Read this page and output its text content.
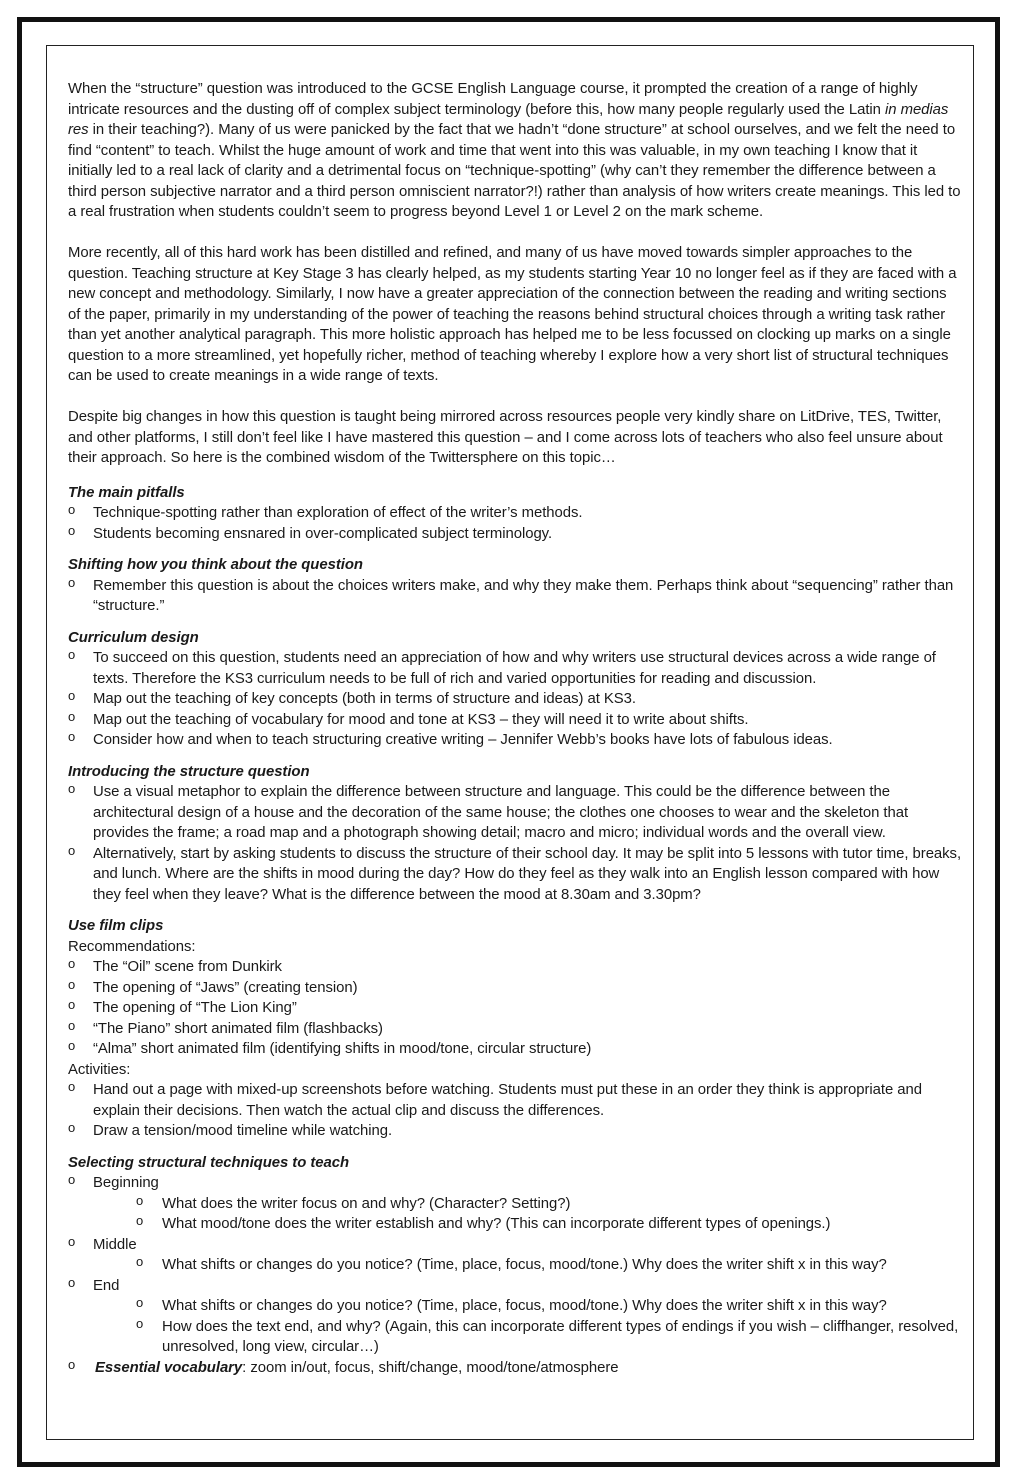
When the “structure” question was introduced to the GCSE English Language course, it prompted the creation of a range of highly intricate resources and the dusting off of complex subject terminology (before this, how many people regularly used the Latin in medias res in their teaching?). Many of us were panicked by the fact that we hadn’t “done structure” at school ourselves, and we felt the need to find “content” to teach. Whilst the huge amount of work and time that went into this was valuable, in my own teaching I know that it initially led to a real lack of clarity and a detrimental focus on “technique-spotting” (why can’t they remember the difference between a third person subjective narrator and a third person omniscient narrator?!) rather than analysis of how writers create meanings. This led to a real frustration when students couldn’t seem to progress beyond Level 1 or Level 2 on the mark scheme.

More recently, all of this hard work has been distilled and refined, and many of us have moved towards simpler approaches to the question. Teaching structure at Key Stage 3 has clearly helped, as my students starting Year 10 no longer feel as if they are faced with a new concept and methodology. Similarly, I now have a greater appreciation of the connection between the reading and writing sections of the paper, primarily in my understanding of the power of teaching the reasons behind structural choices through a writing task rather than yet another analytical paragraph. This more holistic approach has helped me to be less focussed on clocking up marks on a single question to a more streamlined, yet hopefully richer, method of teaching whereby I explore how a very short list of structural techniques can be used to create meanings in a wide range of texts.

Despite big changes in how this question is taught being mirrored across resources people very kindly share on LitDrive, TES, Twitter, and other platforms, I still don’t feel like I have mastered this question – and I come across lots of teachers who also feel unsure about their approach. So here is the combined wisdom of the Twittersphere on this topic…

The main pitfalls
o Technique-spotting rather than exploration of effect of the writer’s methods.
o Students becoming ensnared in over-complicated subject terminology.
Shifting how you think about the question
o Remember this question is about the choices writers make, and why they make them. Perhaps think about “sequencing” rather than “structure.”
Curriculum design
o To succeed on this question, students need an appreciation of how and why writers use structural devices across a wide range of texts. Therefore the KS3 curriculum needs to be full of rich and varied opportunities for reading and discussion.
o Map out the teaching of key concepts (both in terms of structure and ideas) at KS3.
o Map out the teaching of vocabulary for mood and tone at KS3 – they will need it to write about shifts.
o Consider how and when to teach structuring creative writing – Jennifer Webb’s books have lots of fabulous ideas.
Introducing the structure question
o Use a visual metaphor to explain the difference between structure and language. This could be the difference between the architectural design of a house and the decoration of the same house; the clothes one chooses to wear and the skeleton that provides the frame; a road map and a photograph showing detail; macro and micro; individual words and the overall view.
o Alternatively, start by asking students to discuss the structure of their school day. It may be split into 5 lessons with tutor time, breaks, and lunch. Where are the shifts in mood during the day? How do they feel as they walk into an English lesson compared with how they feel when they leave? What is the difference between the mood at 8.30am and 3.30pm?
Use film clips
Recommendations:
o The “Oil” scene from Dunkirk
o The opening of “Jaws” (creating tension)
o The opening of “The Lion King”
o “The Piano” short animated film (flashbacks)
o “Alma” short animated film (identifying shifts in mood/tone, circular structure)
Activities:
o Hand out a page with mixed-up screenshots before watching. Students must put these in an order they think is appropriate and explain their decisions. Then watch the actual clip and discuss the differences.
o Draw a tension/mood timeline while watching.
Selecting structural techniques to teach
o Beginning
o What does the writer focus on and why? (Character? Setting?)
o What mood/tone does the writer establish and why? (This can incorporate different types of openings.)
o Middle
o What shifts or changes do you notice? (Time, place, focus, mood/tone.) Why does the writer shift x in this way?
o End
o What shifts or changes do you notice? (Time, place, focus, mood/tone.) Why does the writer shift x in this way?
o How does the text end, and why? (Again, this can incorporate different types of endings if you wish – cliffhanger, resolved, unresolved, long view, circular…)
o Essential vocabulary: zoom in/out, focus, shift/change, mood/tone/atmosphere
